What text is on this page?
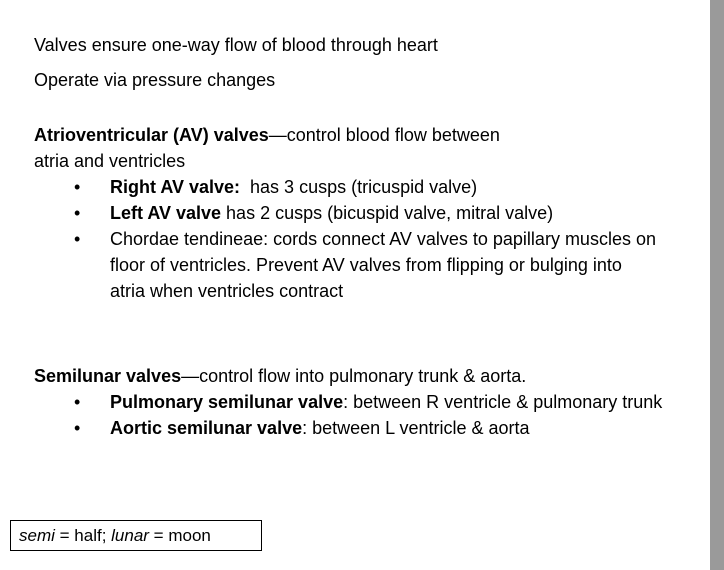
Valves ensure one-way flow of blood through heart
Operate via pressure changes
Atrioventricular (AV) valves—control blood flow between
atria and ventricles
• Right AV valve:  has 3 cusps (tricuspid valve)
• Left AV valve has 2 cusps (bicuspid valve, mitral valve)
• Chordae tendineae: cords connect AV valves to papillary muscles on
floor of ventricles. Prevent AV valves from flipping or bulging into
atria when ventricles contract
Semilunar valves—control flow into pulmonary trunk & aorta.
• Pulmonary semilunar valve: between R ventricle & pulmonary trunk
• Aortic semilunar valve: between L ventricle & aorta
semi = half; lunar = moon
